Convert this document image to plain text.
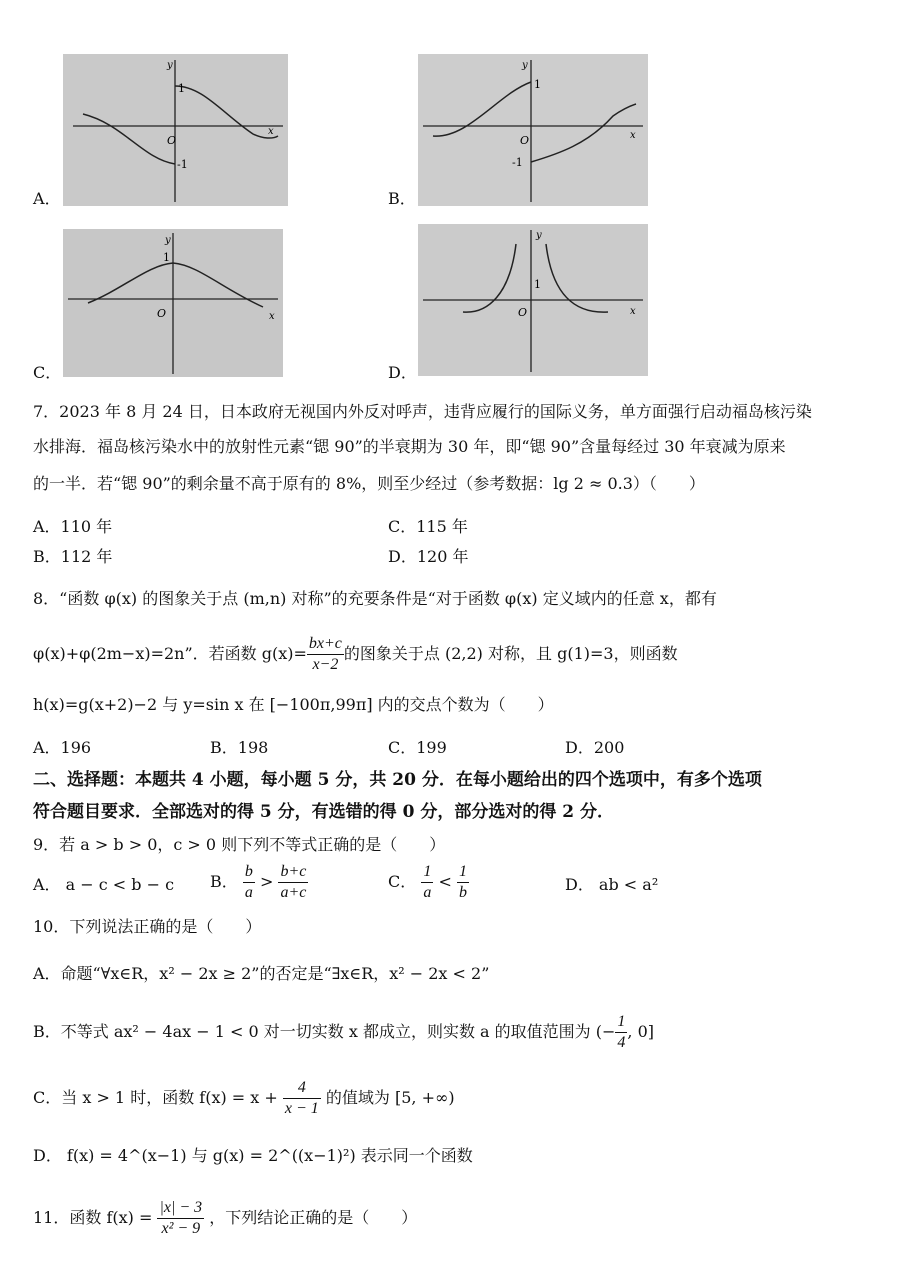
O
1
-1
x
y
A．
O
1
-1
x
y
B．
O
1
x
y
C．
O
1
x
y
D．
7．2023 年 8 月 24 日，日本政府无视国内外反对呼声，违背应履行的国际义务，单方面强行启动福岛核污染
水排海．福岛核污染水中的放射性元素“锶 90”的半衰期为 30 年，即“锶 90”含量每经过 30 年衰减为原来
的一半．若“锶 90”的剩余量不高于原有的 8%，则至少经过（参考数据：lg 2 ≈ 0.3）（　　）
A．110 年	C．115 年
B．112 年	D．120 年
8．“函数 φ(x) 的图象关于点 (m,n) 对称”的充要条件是“对于函数 φ(x) 定义域内的任意 x，都有
φ(x)+φ(2m−x)=2n”．若函数 $g(x)= \frac{bx+c}{x-2}$ 的图象关于点 (2,2) 对称，且 g(1)=3，则函数
h(x)=g(x+2)−2 与 y=sin x 在 [−100π,99π] 内的交点个数为（　　）
A．196	B．198	C．199	D．200
二、选择题：本题共 4 小题，每小题 5 分，共 20 分．在每小题给出的四个选项中，有多个选项
符合题目要求．全部选对的得 5 分，有选错的得 0 分，部分选对的得 2 分．
9．若 a > b > 0，c > 0 则下列不等式正确的是（　　）
A． a − c < b − c B． $\frac{b}{a} > \frac{b+c}{a+c}$	C． $\frac{1}{a} < \frac{1}{b}$	D． ab < a²
10．下列说法正确的是（　　）
A．命题“∀x∈R，x² − 2x ≥ 2”的否定是“∃x∈R，x² − 2x < 2”
B．不等式 ax² − 4ax − 1 < 0 对一切实数 x 都成立，则实数 a 的取值范围为 (− $\frac{1}{4}$ , 0]
C．当 x > 1 时，函数 $f(x) = x + \frac{4}{x - 1}$ 的值域为 [5, +∞)
D． f(x) = 4^(x−1) 与 g(x) = 2^((x−1)²) 表示同一个函数
11．函数 $f(x) = \frac{|x| - 3}{\text{x² − 9}}$ ，下列结论正确的是（　　）
